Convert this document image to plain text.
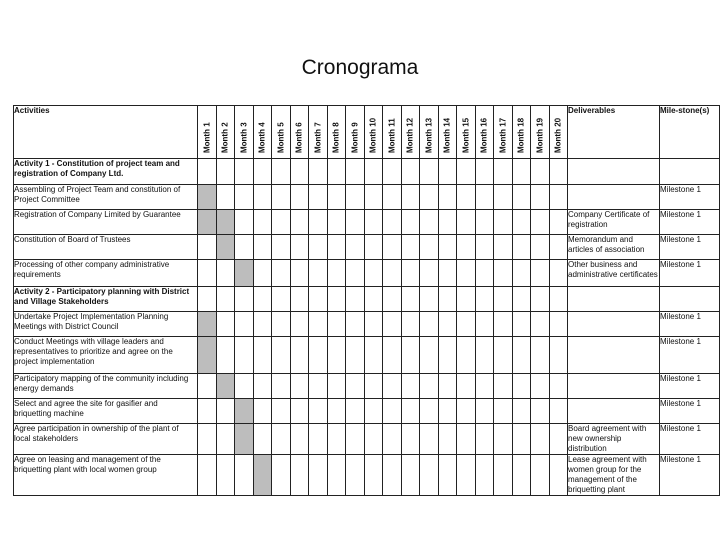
Cronograma
Activities	Month 1	Month 2	Month 3	Month 4	Month 5	Month 6	Month 7	Month 8	Month 9	Month 10	Month 11	Month 12	Month 13	Month 14	Month 15	Month 16	Month 17	Month 18	Month 19	Month 20	Deliverables	Mile-stone(s)
Activity 1 - Constitution of project team and registration of Company Ltd.																						
Assembling of Project Team and constitution of Project Committee																						Milestone 1
Registration of Company Limited by Guarantee																					Company Certificate of registration	Milestone 1
Constitution of Board of Trustees																					Memorandum and articles of association	Milestone 1
Processing of other company administrative requirements																					Other business and administrative certificates	Milestone 1
Activity 2 - Participatory planning with District and Village Stakeholders																						
Undertake Project Implementation Planning Meetings with District Council																						Milestone 1
Conduct Meetings with village leaders and representatives to prioritize and agree on the project implementation																						Milestone 1
Participatory mapping of the community including energy demands																						Milestone 1
Select and agree the site for gasifier and briquetting machine																						Milestone 1
Agree participation in ownership of the plant of local stakeholders																					Board agreement with new ownership distribution	Milestone 1
Agree on leasing and management of the briquetting plant with local women group																					Lease agreement with women group for the management of the briquetting plant	Milestone 1
